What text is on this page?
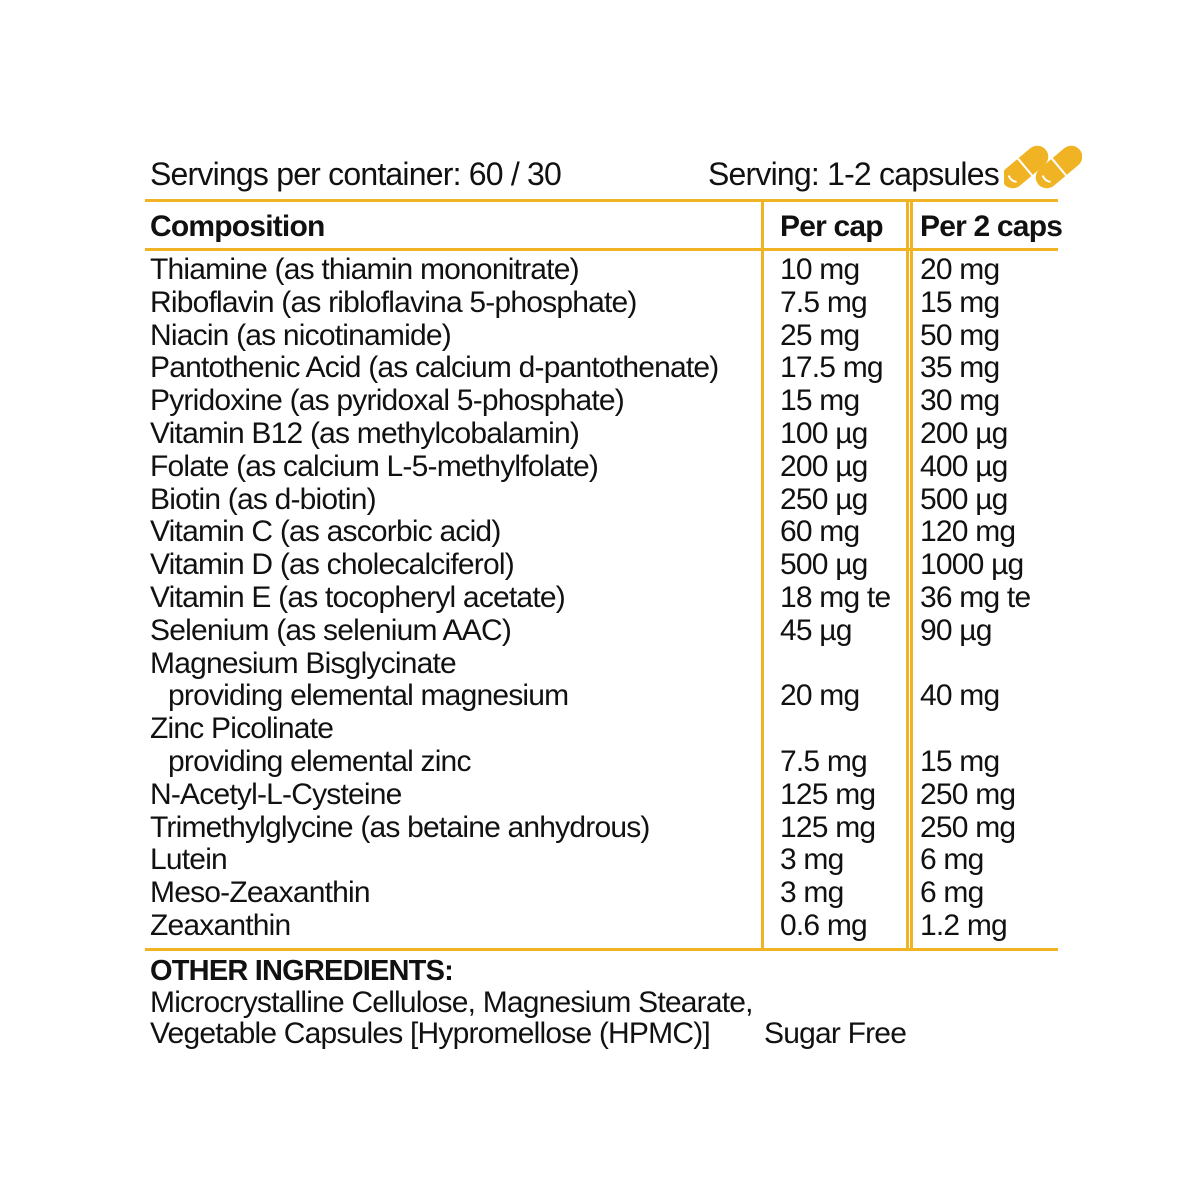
Servings per container: 60 / 30	Serving: 1-2 capsules
Composition	Per cap Per 2 caps
Thiamine (as thiamin mononitrate)	10 mg 20 mg
Riboflavin (as ribloflavina 5-phosphate)	7.5 mg 15 mg
Niacin (as nicotinamide)	25 mg 50 mg
Pantothenic Acid (as calcium d-pantothenate) 17.5 mg 35 mg
Pyridoxine (as pyridoxal 5-phosphate)	15 mg 30 mg
Vitamin B12 (as methylcobalamin)	100 µg 200 µg
Folate (as calcium L-5-methylfolate)	200 µg 400 µg
Biotin (as d-biotin)	250 µg 500 µg
Vitamin C (as ascorbic acid)	60 mg 120 mg
Vitamin D (as cholecalciferol)	500 µg 1000 µg
Vitamin E (as tocopheryl acetate)	18 mg te 36 mg te
Selenium (as selenium AAC)	45 µg 90 µg
Magnesium Bisglycinate
providing elemental magnesium	20 mg 40 mg
Zinc Picolinate
providing elemental zinc	7.5 mg 15 mg
N-Acetyl-L-Cysteine	125 mg 250 mg
Trimethylglycine (as betaine anhydrous)	125 mg 250 mg
Lutein	3 mg	6 mg
Meso-Zeaxanthin	3 mg	6 mg
Zeaxanthin	0.6 mg 1.2 mg
OTHER INGREDIENTS:
Microcrystalline Cellulose, Magnesium Stearate,
Vegetable Capsules [Hypromellose (HPMC)] Sugar Free
